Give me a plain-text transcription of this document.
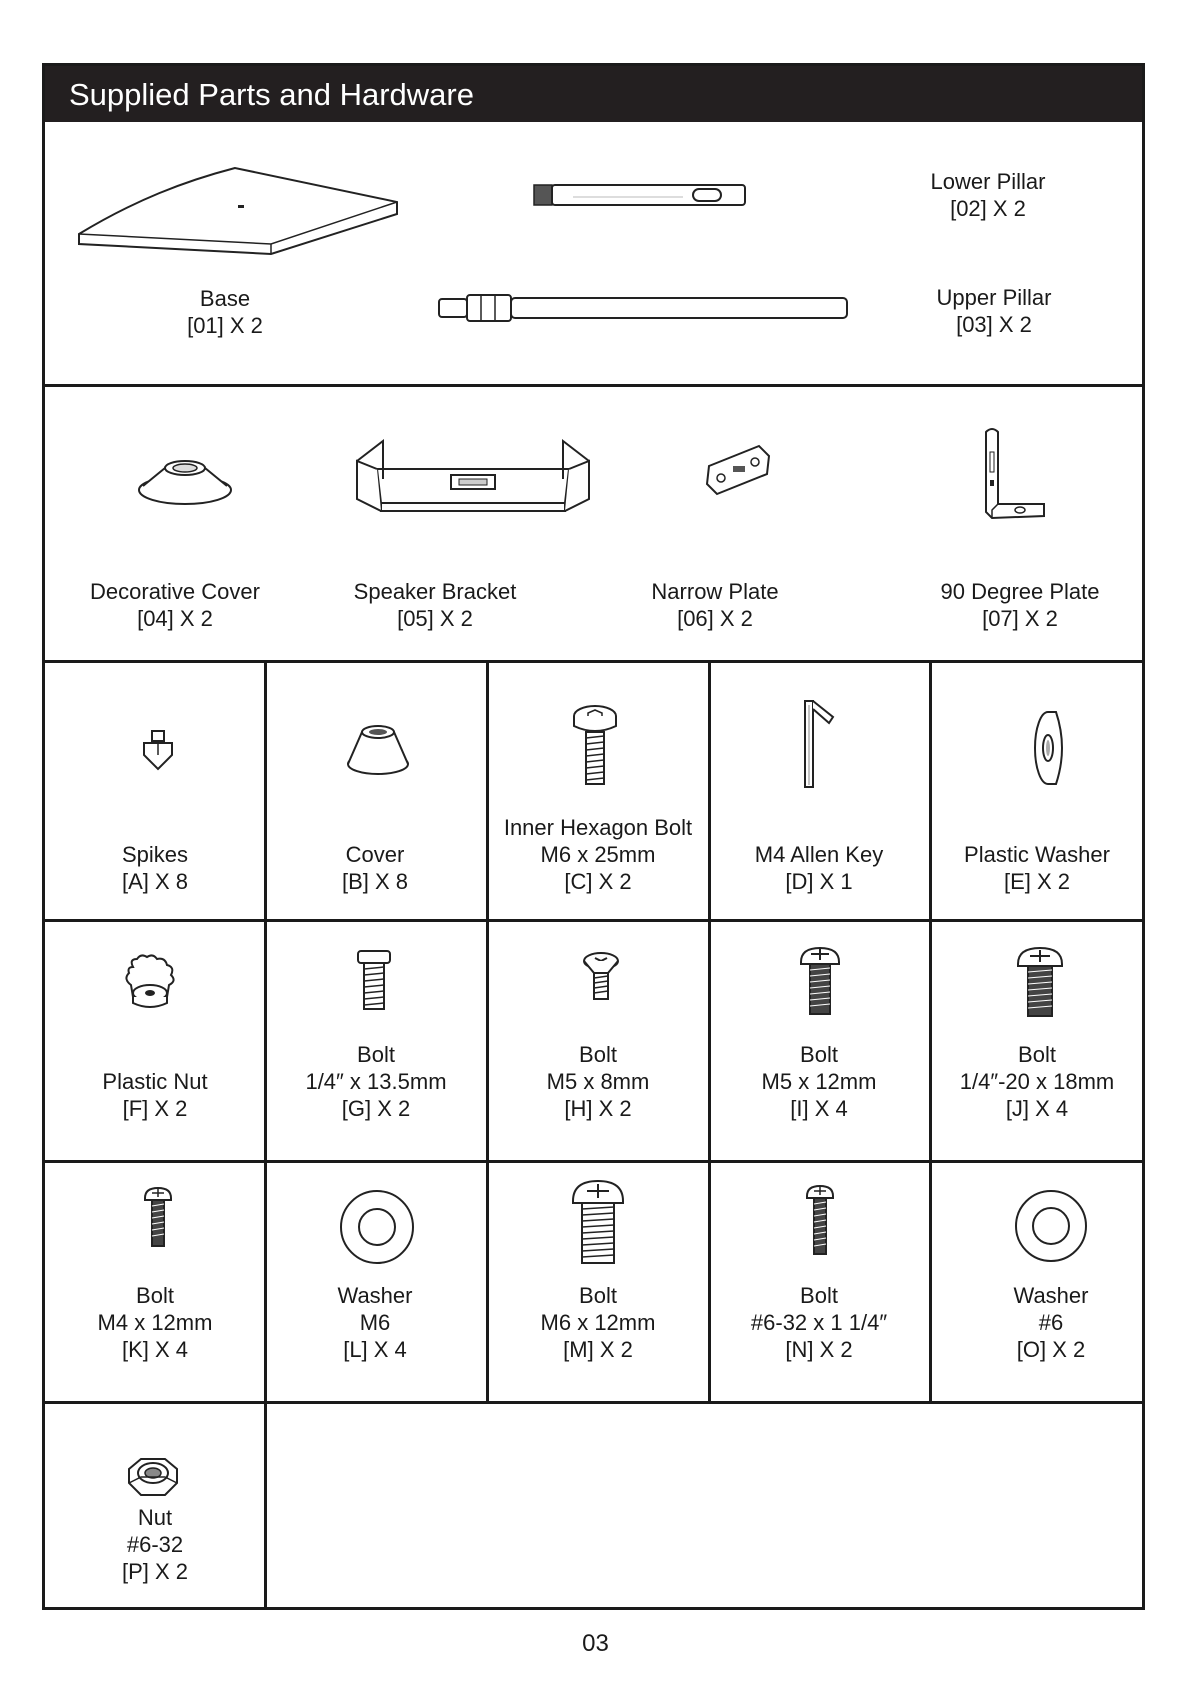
Supplied Parts and Hardware
Base
[01] X 2
Lower Pillar
[02] X 2
Upper Pillar
[03] X 2
Decorative Cover
[04] X 2
Speaker Bracket
[05] X 2
Narrow Plate
[06] X 2
90 Degree Plate
[07] X 2
Spikes
[A] X 8
Cover
[B] X 8
Inner Hexagon Bolt
M6 x 25mm
[C] X 2
M4 Allen Key
[D] X 1
Plastic Washer
[E] X 2
Plastic Nut
[F] X 2
Bolt
1/4″ x 13.5mm
[G] X 2
Bolt
M5 x 8mm
[H] X 2
Bolt
M5 x 12mm
[I] X 4
Bolt
1/4″-20 x 18mm
[J] X 4
Bolt
M4 x 12mm
[K] X 4
Washer
M6
[L] X 4
Bolt
M6 x 12mm
[M] X 2
Bolt
#6-32 x 1 1/4″
[N] X 2
Washer
#6
[O] X 2
Nut
#6-32
[P] X 2
03
